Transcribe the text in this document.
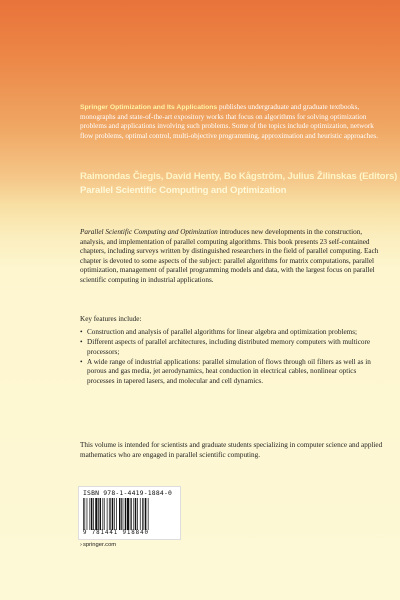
Springer Optimization and Its Applications publishes undergraduate and graduate textbooks, monographs and state-of-the-art expository works that focus on algorithms for solving optimization problems and applications involving such problems. Some of the topics include optimization, network flow problems, optimal control, multi-objective programming, approximation and heuristic approaches.
Raimondas Čiegis, David Henty, Bo Kågström, Julius Žilinskas (Editors)
Parallel Scientific Computing and Optimization
Parallel Scientific Computing and Optimization introduces new developments in the construction, analysis, and implementation of parallel computing algorithms. This book presents 23 self-contained chapters, including surveys written by distinguished researchers in the field of parallel computing. Each chapter is devoted to some aspects of the subject: parallel algorithms for matrix computations, parallel optimization, management of parallel programming models and data, with the largest focus on parallel scientific computing in industrial applications.
Key features include:
• Construction and analysis of parallel algorithms for linear algebra and optimization problems;
• Different aspects of parallel architectures, including distributed memory computers with multicore processors;
• A wide range of industrial applications: parallel simulation of flows through oil filters as well as in porous and gas media, jet aerodynamics, heat conduction in electrical cables, nonlinear optics processes in tapered lasers, and molecular and cell dynamics.
This volume is intended for scientists and graduate students specializing in computer science and applied mathematics who are engaged in parallel scientific computing.
ISBN 978-1-4419-1884-0
9 781441 918840
›springer.com
